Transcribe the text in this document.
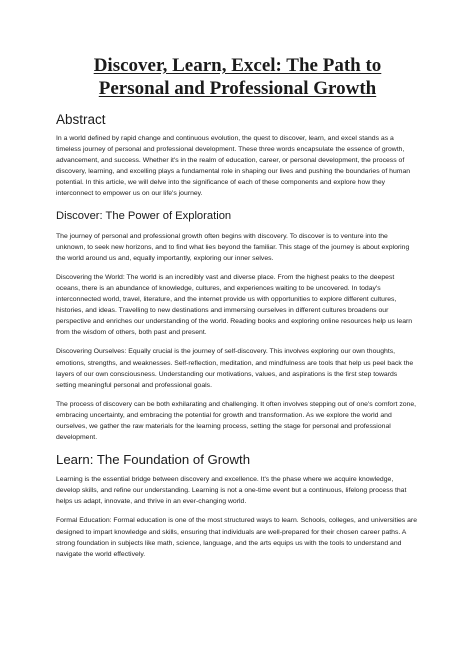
Discover, Learn, Excel: The Path to Personal and Professional Growth
Abstract

In a world defined by rapid change and continuous evolution, the quest to discover, learn, and excel stands as a timeless journey of personal and professional development. These three words encapsulate the essence of growth, advancement, and success. Whether it's in the realm of education, career, or personal development, the process of discovery, learning, and excelling plays a fundamental role in shaping our lives and pushing the boundaries of human potential. In this article, we will delve into the significance of each of these components and explore how they interconnect to empower us on our life's journey.

Discover: The Power of Exploration

The journey of personal and professional growth often begins with discovery. To discover is to venture into the unknown, to seek new horizons, and to find what lies beyond the familiar. This stage of the journey is about exploring the world around us and, equally importantly, exploring our inner selves.

Discovering the World: The world is an incredibly vast and diverse place. From the highest peaks to the deepest oceans, there is an abundance of knowledge, cultures, and experiences waiting to be uncovered. In today's interconnected world, travel, literature, and the internet provide us with opportunities to explore different cultures, histories, and ideas. Travelling to new destinations and immersing ourselves in different cultures broadens our perspective and enriches our understanding of the world. Reading books and exploring online resources help us learn from the wisdom of others, both past and present.

Discovering Ourselves: Equally crucial is the journey of self-discovery. This involves exploring our own thoughts, emotions, strengths, and weaknesses. Self-reflection, meditation, and mindfulness are tools that help us peel back the layers of our own consciousness. Understanding our motivations, values, and aspirations is the first step towards setting meaningful personal and professional goals.

The process of discovery can be both exhilarating and challenging. It often involves stepping out of one's comfort zone, embracing uncertainty, and embracing the potential for growth and transformation. As we explore the world and ourselves, we gather the raw materials for the learning process, setting the stage for personal and professional development.

Learn: The Foundation of Growth

Learning is the essential bridge between discovery and excellence. It's the phase where we acquire knowledge, develop skills, and refine our understanding. Learning is not a one-time event but a continuous, lifelong process that helps us adapt, innovate, and thrive in an ever-changing world.

Formal Education: Formal education is one of the most structured ways to learn. Schools, colleges, and universities are designed to impart knowledge and skills, ensuring that individuals are well-prepared for their chosen career paths. A strong foundation in subjects like math, science, language, and the arts equips us with the tools to understand and navigate the world effectively.
